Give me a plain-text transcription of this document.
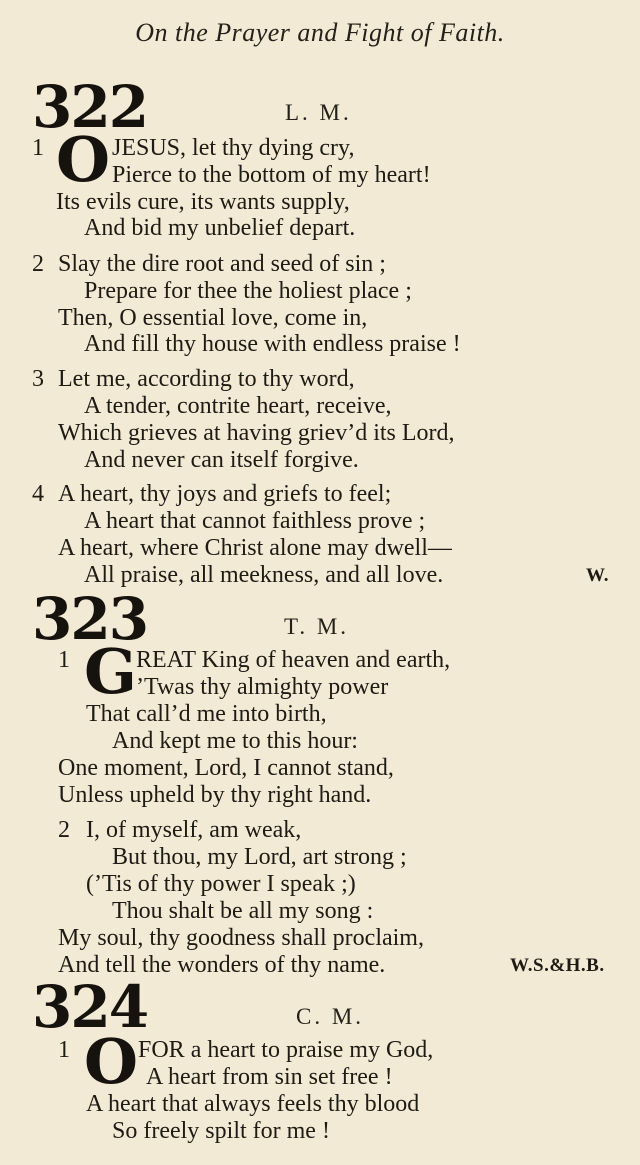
On the Prayer and Fight of Faith.
322	L. M.
1 O JESUS, let thy dying cry,
Pierce to the bottom of my heart!
Its evils cure, its wants supply,
And bid my unbelief depart.
2 Slay the dire root and seed of sin ;
Prepare for thee the holiest place ;
Then, O essential love, come in,
And fill thy house with endless praise !
3 Let me, according to thy word,
A tender, contrite heart, receive,
Which grieves at having griev’d its Lord,
And never can itself forgive.
4 A heart, thy joys and griefs to feel;
A heart that cannot faithless prove ;
A heart, where Christ alone may dwell—
All praise, all meekness, and all love.	W.
323	T. M.
1 G REAT King of heaven and earth,
’Twas thy almighty power
That call’d me into birth,
And kept me to this hour:
One moment, Lord, I cannot stand,
Unless upheld by thy right hand.
2 I, of myself, am weak,
But thou, my Lord, art strong ;
(’Tis of thy power I speak ;)
Thou shalt be all my song :
My soul, thy goodness shall proclaim,
And tell the wonders of thy name.	W.S.&H.B.
324	C. M.
1 O FOR a heart to praise my God,
A heart from sin set free !
A heart that always feels thy blood
So freely spilt for me !
